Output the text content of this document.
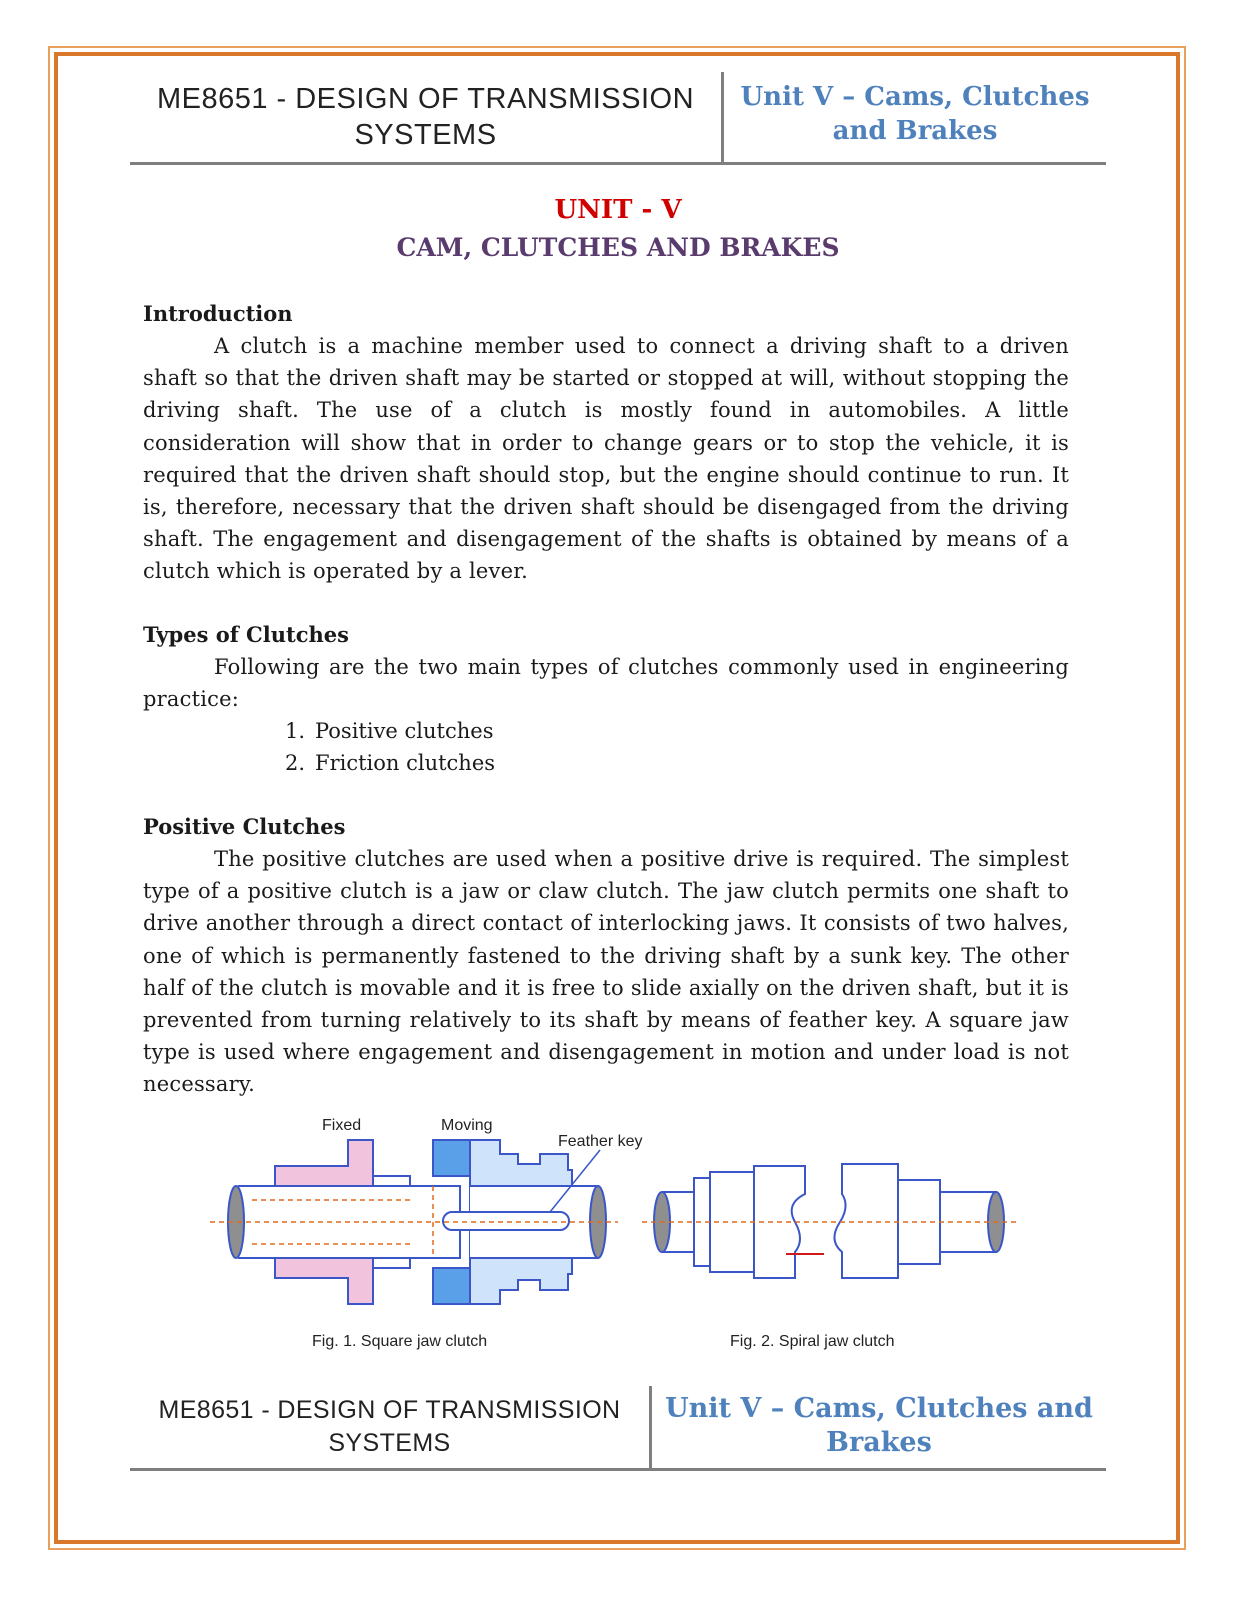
ME8651 - DESIGN OF TRANSMISSION
SYSTEMS
Unit V – Cams, Clutches
and Brakes
UNIT - V
CAM, CLUTCHES AND BRAKES

Introduction

A clutch is a machine member used to connect a driving shaft to a driven shaft so that the driven shaft may be started or stopped at will, without stopping the driving shaft. The use of a clutch is mostly found in automobiles. A little consideration will show that in order to change gears or to stop the vehicle, it is required that the driven shaft should stop, but the engine should continue to run. It is, therefore, necessary that the driven shaft should be disengaged from the driving shaft. The engagement and disengagement of the shafts is obtained by means of a clutch which is operated by a lever.

Types of Clutches

Following are the two main types of clutches commonly used in engineering practice:

1. Positive clutches
2. Friction clutches

Positive Clutches

The positive clutches are used when a positive drive is required. The simplest type of a positive clutch is a jaw or claw clutch. The jaw clutch permits one shaft to drive another through a direct contact of interlocking jaws. It consists of two halves, one of which is permanently fastened to the driving shaft by a sunk key. The other half of the clutch is movable and it is free to slide axially on the driven shaft, but it is prevented from turning relatively to its shaft by means of feather key. A square jaw type is used where engagement and disengagement in motion and under load is not necessary.

Fixed	Moving
Feather key
Fig. 1. Square jaw clutch	Fig. 2. Spiral jaw clutch
ME8651 - DESIGN OF TRANSMISSION
SYSTEMS
Unit V – Cams, Clutches and
Brakes
